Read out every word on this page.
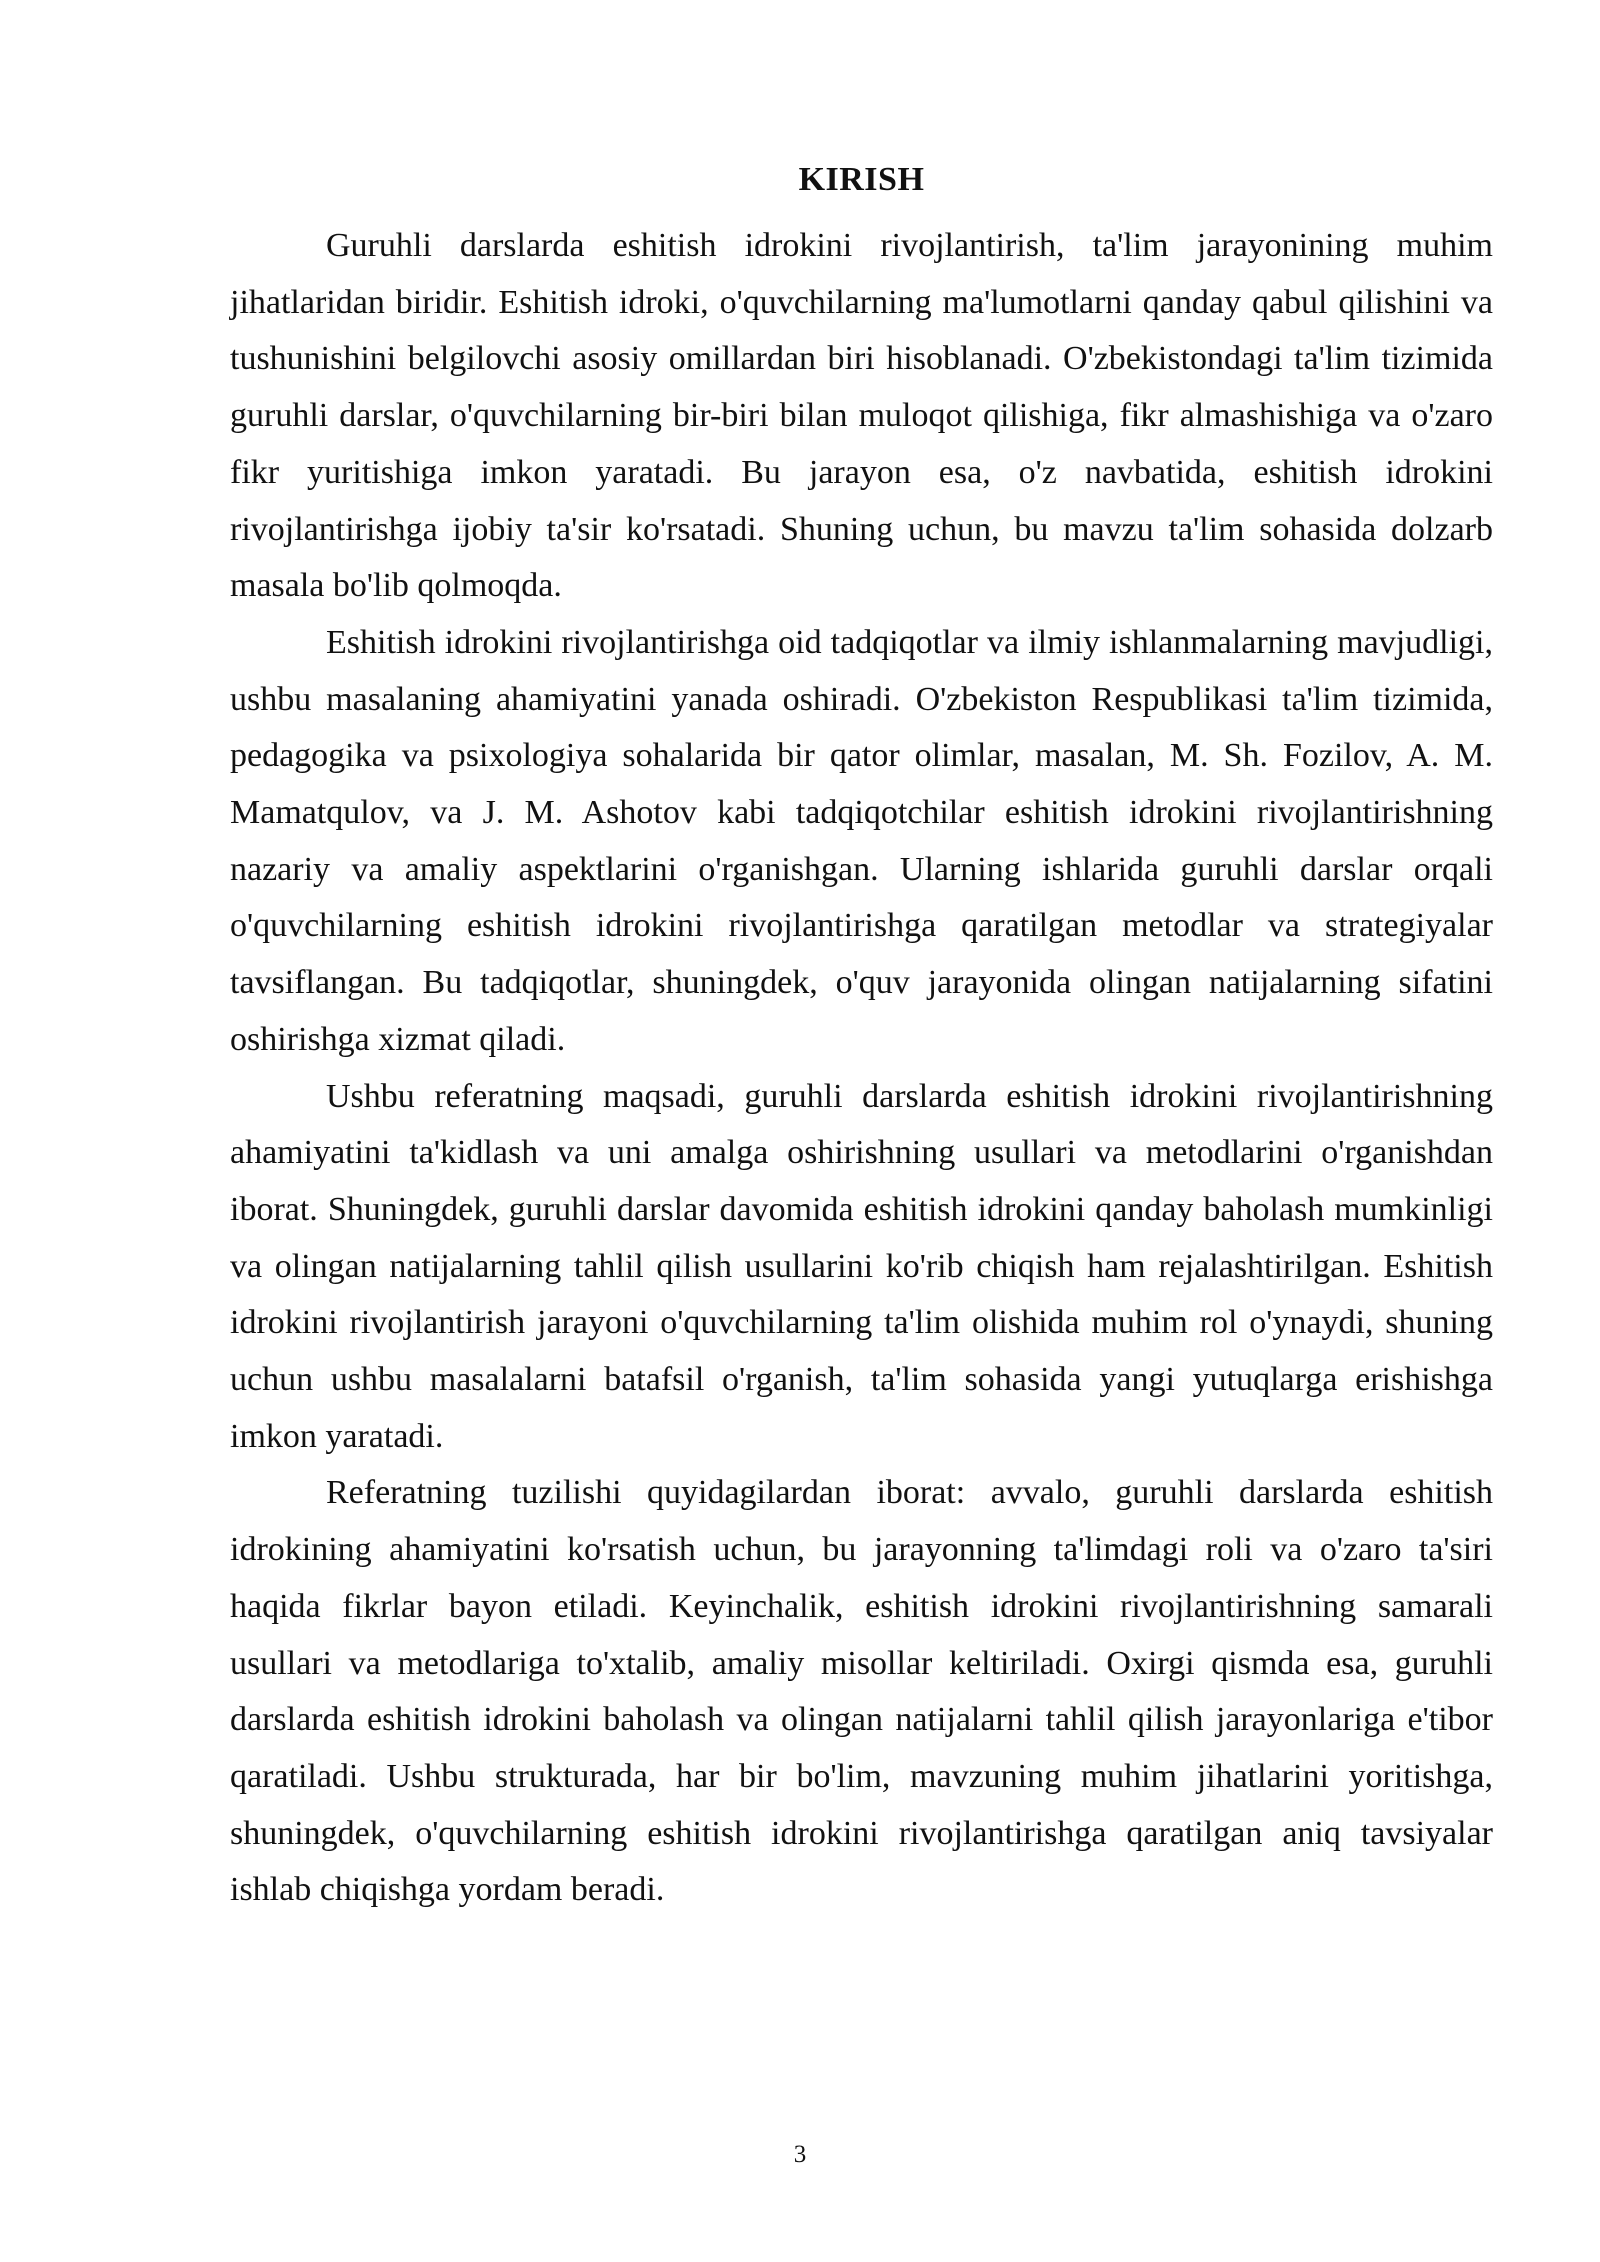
KIRISH

Guruhli darslarda eshitish idrokini rivojlantirish, ta'lim jarayonining muhim jihatlaridan biridir. Eshitish idroki, o'quvchilarning ma'lumotlarni qanday qabul qilishini va tushunishini belgilovchi asosiy omillardan biri hisoblanadi. O'zbekistondagi ta'lim tizimida guruhli darslar, o'quvchilarning bir-biri bilan muloqot qilishiga, fikr almashishiga va o'zaro fikr yuritishiga imkon yaratadi. Bu jarayon esa, o'z navbatida, eshitish idrokini rivojlantirishga ijobiy ta'sir ko'rsatadi. Shuning uchun, bu mavzu ta'lim sohasida dolzarb masala bo'lib qolmoqda.

Eshitish idrokini rivojlantirishga oid tadqiqotlar va ilmiy ishlanmalarning mavjudligi, ushbu masalaning ahamiyatini yanada oshiradi. O'zbekiston Respublikasi ta'lim tizimida, pedagogika va psixologiya sohalarida bir qator olimlar, masalan, M. Sh. Fozilov, A. M. Mamatqulov, va J. M. Ashotov kabi tadqiqotchilar eshitish idrokini rivojlantirishning nazariy va amaliy aspektlarini o'rganishgan. Ularning ishlarida guruhli darslar orqali o'quvchilarning eshitish idrokini rivojlantirishga qaratilgan metodlar va strategiyalar tavsiflangan. Bu tadqiqotlar, shuningdek, o'quv jarayonida olingan natijalarning sifatini oshirishga xizmat qiladi.

Ushbu referatning maqsadi, guruhli darslarda eshitish idrokini rivojlantirishning ahamiyatini ta'kidlash va uni amalga oshirishning usullari va metodlarini o'rganishdan iborat. Shuningdek, guruhli darslar davomida eshitish idrokini qanday baholash mumkinligi va olingan natijalarning tahlil qilish usullarini ko'rib chiqish ham rejalashtirilgan. Eshitish idrokini rivojlantirish jarayoni o'quvchilarning ta'lim olishida muhim rol o'ynaydi, shuning uchun ushbu masalalarni batafsil o'rganish, ta'lim sohasida yangi yutuqlarga erishishga imkon yaratadi.

Referatning tuzilishi quyidagilardan iborat: avvalo, guruhli darslarda eshitish idrokining ahamiyatini ko'rsatish uchun, bu jarayonning ta'limdagi roli va o'zaro ta'siri haqida fikrlar bayon etiladi. Keyinchalik, eshitish idrokini rivojlantirishning samarali usullari va metodlariga to'xtalib, amaliy misollar keltiriladi. Oxirgi qismda esa, guruhli darslarda eshitish idrokini baholash va olingan natijalarni tahlil qilish jarayonlariga e'tibor qaratiladi. Ushbu strukturada, har bir bo'lim, mavzuning muhim jihatlarini yoritishga, shuningdek, o'quvchilarning eshitish idrokini rivojlantirishga qaratilgan aniq tavsiyalar ishlab chiqishga yordam beradi.

3
